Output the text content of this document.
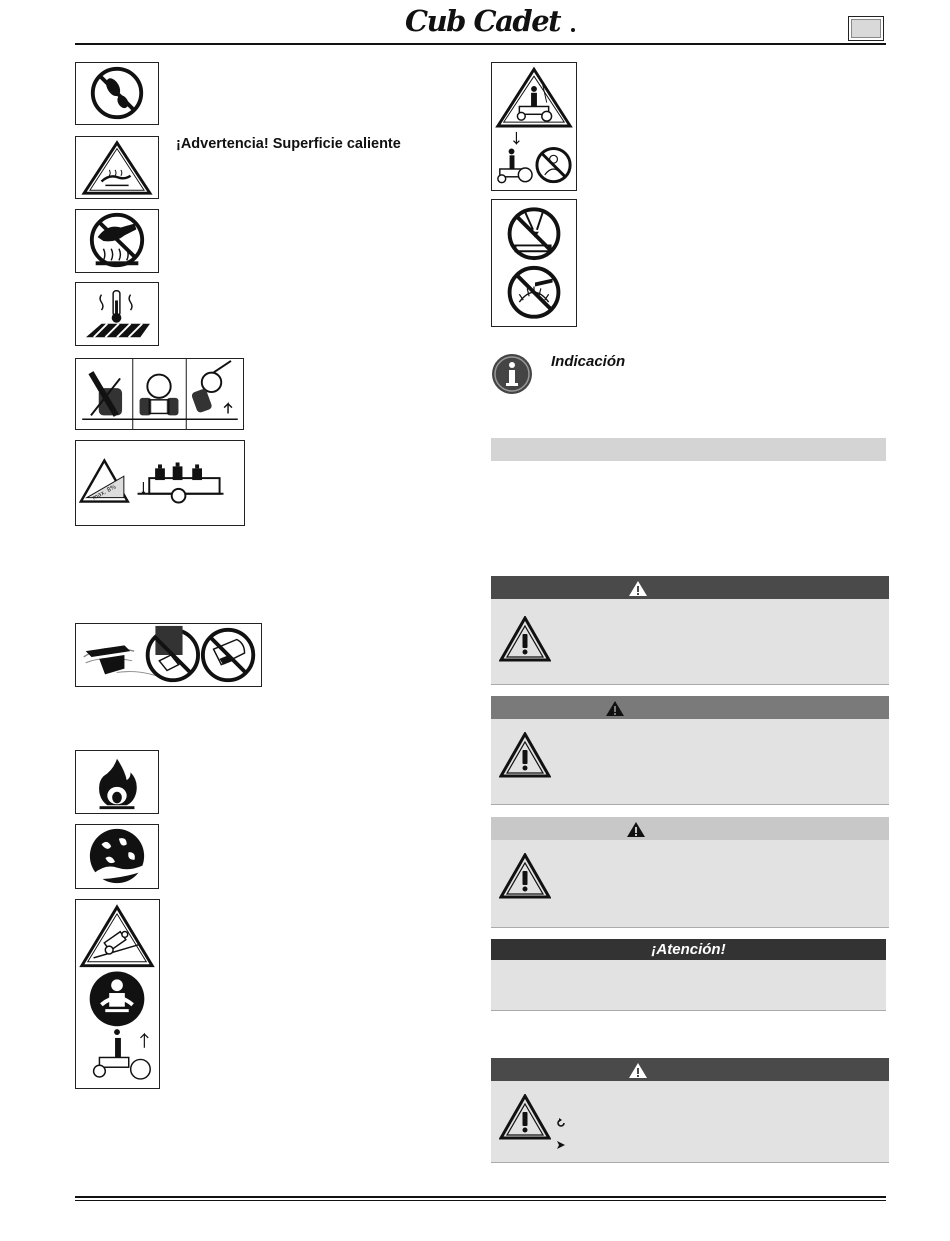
Cub Cadet
¡Advertencia! Superficie caliente
max. 8%
Indicación
¡Atención!
